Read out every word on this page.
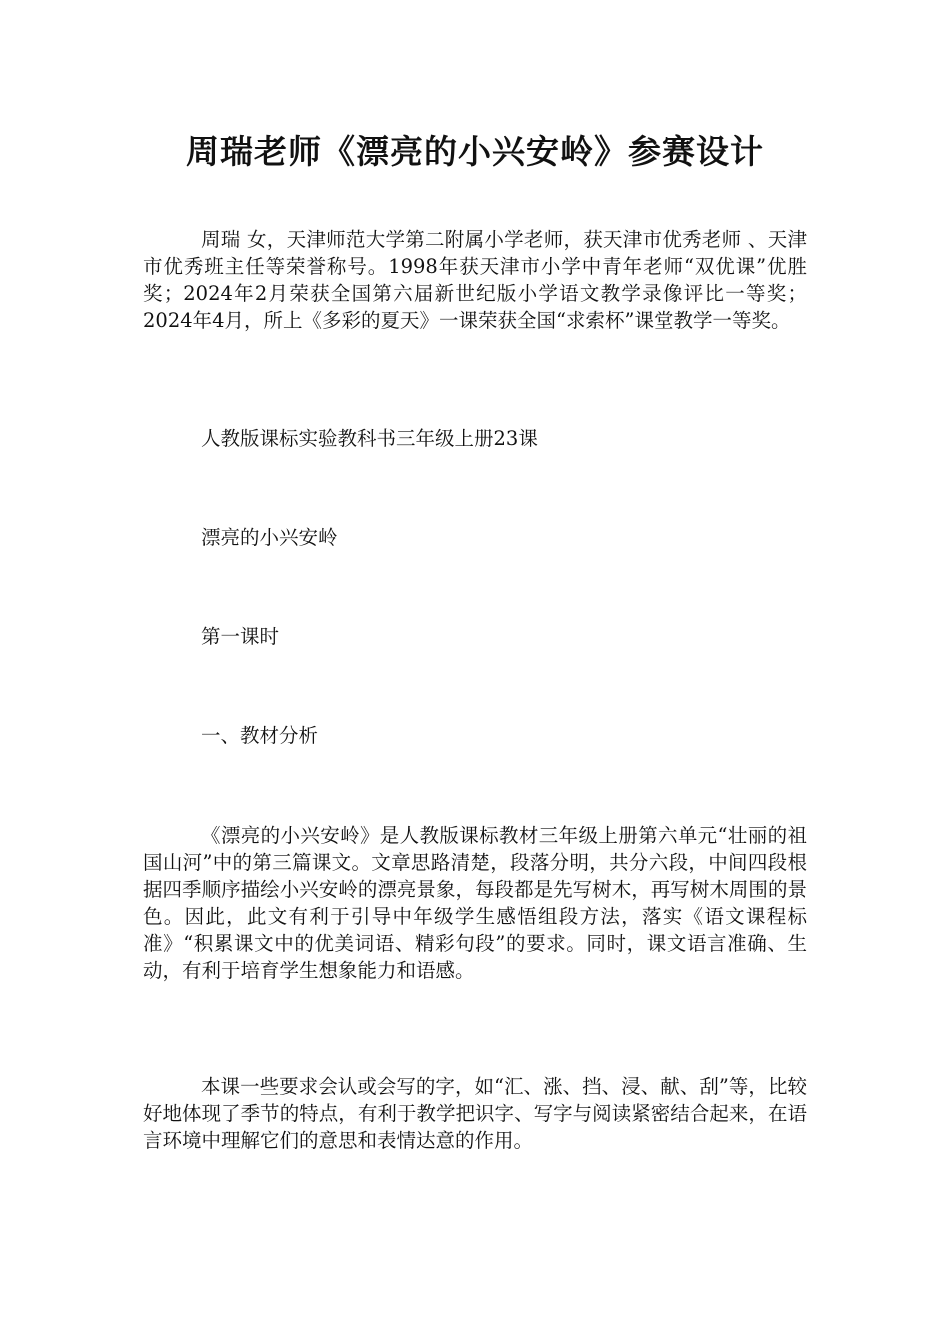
周瑞老师《漂亮的小兴安岭》参赛设计

周瑞 女，天津师范大学第二附属小学老师，获天津市优秀老师 、天津市优秀班主任等荣誉称号。1998年获天津市小学中青年老师“双优课”优胜奖；2024年2月荣获全国第六届新世纪版小学语文教学录像评比一等奖；2024年4月，所上《多彩的夏天》一课荣获全国“求索杯”课堂教学一等奖。

人教版课标实验教科书三年级上册23课
漂亮的小兴安岭
第一课时
一、教材分析

《漂亮的小兴安岭》是人教版课标教材三年级上册第六单元“壮丽的祖国山河”中的第三篇课文。文章思路清楚，段落分明，共分六段，中间四段根据四季顺序描绘小兴安岭的漂亮景象，每段都是先写树木，再写树木周围的景色。因此，此文有利于引导中年级学生感悟组段方法，落实《语文课程标准》“积累课文中的优美词语、精彩句段”的要求。同时，课文语言准确、生动，有利于培育学生想象能力和语感。

本课一些要求会认或会写的字，如“汇、涨、挡、浸、献、刮”等，比较好地体现了季节的特点，有利于教学把识字、写字与阅读紧密结合起来，在语言环境中理解它们的意思和表情达意的作用。
